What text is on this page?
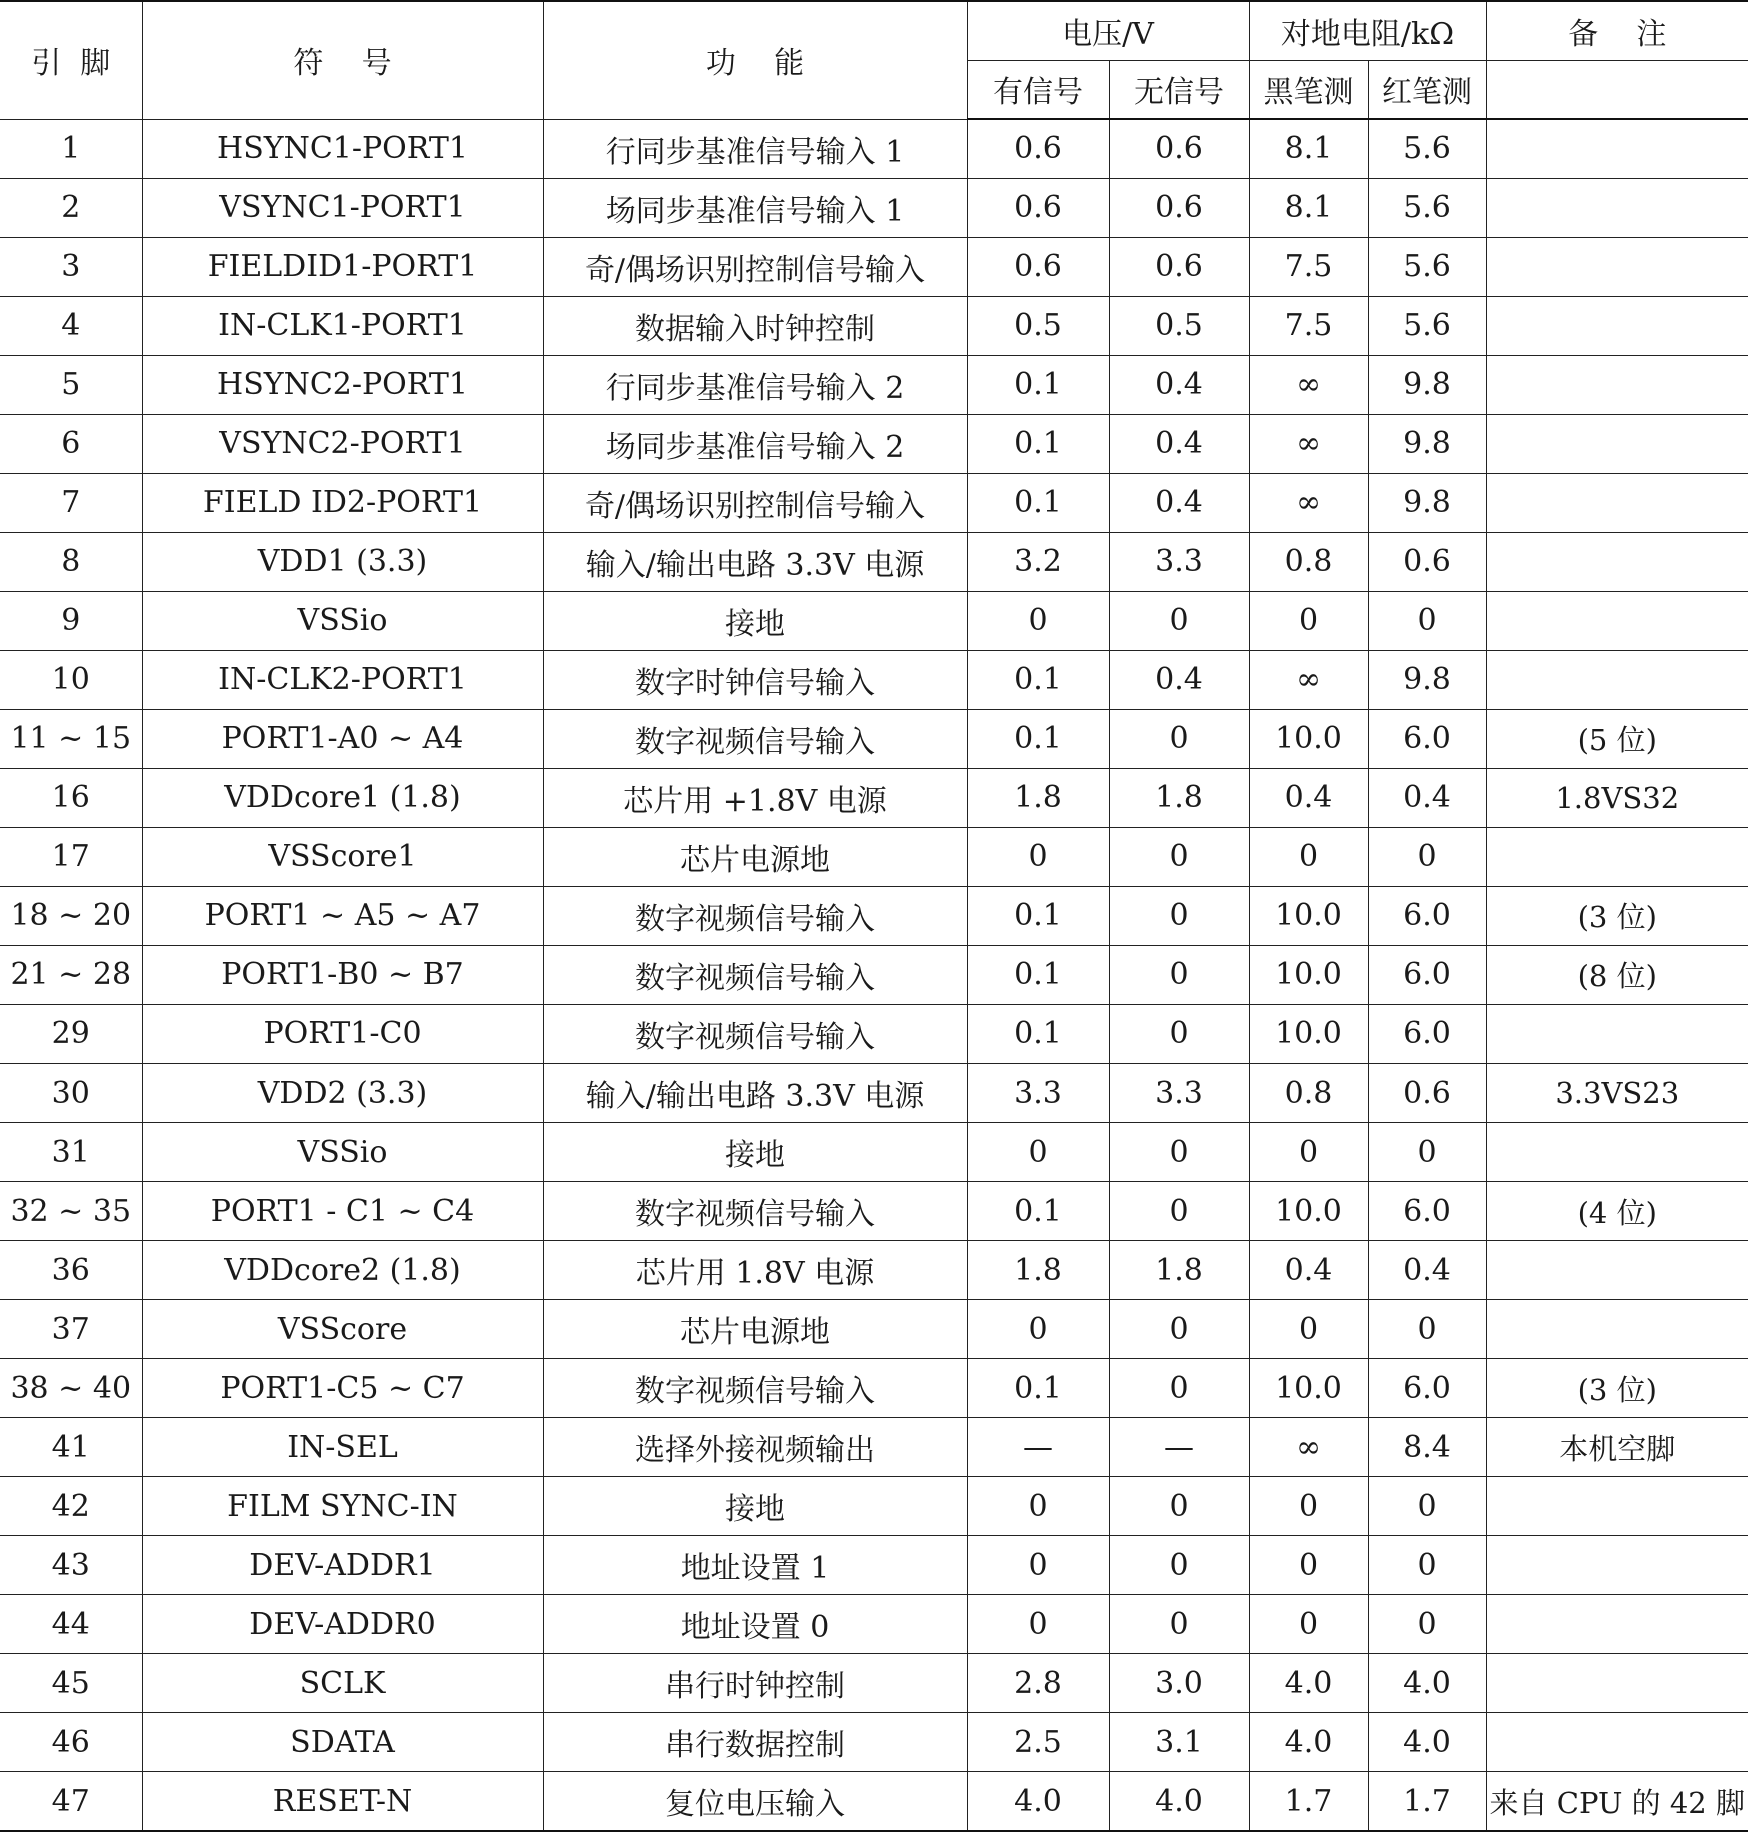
引  脚	符    号	功    能	电压/V		对地电阻/kΩ		备    注
			有信号	无信号	黑笔测	红笔测	
1	HSYNC1-PORT1	行同步基准信号输入 1	0.6	0.6	8.1	5.6	
2	VSYNC1-PORT1	场同步基准信号输入 1	0.6	0.6	8.1	5.6	
3	FIELDID1-PORT1	奇/偶场识别控制信号输入	0.6	0.6	7.5	5.6	
4	IN-CLK1-PORT1	数据输入时钟控制	0.5	0.5	7.5	5.6	
5	HSYNC2-PORT1	行同步基准信号输入 2	0.1	0.4	∞	9.8	
6	VSYNC2-PORT1	场同步基准信号输入 2	0.1	0.4	∞	9.8	
7	FIELD ID2-PORT1	奇/偶场识别控制信号输入	0.1	0.4	∞	9.8	
8	VDD1 (3.3)	输入/输出电路 3.3V 电源	3.2	3.3	0.8	0.6	
9	VSSio	接地	0	0	0	0	
10	IN-CLK2-PORT1	数字时钟信号输入	0.1	0.4	∞	9.8	
11 ~ 15	PORT1-A0 ~ A4	数字视频信号输入	0.1	0	10.0	6.0	(5 位)
16	VDDcore1 (1.8)	芯片用 +1.8V 电源	1.8	1.8	0.4	0.4	1.8VS32
17	VSScore1	芯片电源地	0	0	0	0	
18 ~ 20	PORT1 ~ A5 ~ A7	数字视频信号输入	0.1	0	10.0	6.0	(3 位)
21 ~ 28	PORT1-B0 ~ B7	数字视频信号输入	0.1	0	10.0	6.0	(8 位)
29	PORT1-C0	数字视频信号输入	0.1	0	10.0	6.0	
30	VDD2 (3.3)	输入/输出电路 3.3V 电源	3.3	3.3	0.8	0.6	3.3VS23
31	VSSio	接地	0	0	0	0	
32 ~ 35	PORT1 - C1 ~ C4	数字视频信号输入	0.1	0	10.0	6.0	(4 位)
36	VDDcore2 (1.8)	芯片用 1.8V 电源	1.8	1.8	0.4	0.4	
37	VSScore	芯片电源地	0	0	0	0	
38 ~ 40	PORT1-C5 ~ C7	数字视频信号输入	0.1	0	10.0	6.0	(3 位)
41	IN-SEL	选择外接视频输出	—	—	∞	8.4	本机空脚
42	FILM SYNC-IN	接地	0	0	0	0	
43	DEV-ADDR1	地址设置 1	0	0	0	0	
44	DEV-ADDR0	地址设置 0	0	0	0	0	
45	SCLK	串行时钟控制	2.8	3.0	4.0	4.0	
46	SDATA	串行数据控制	2.5	3.1	4.0	4.0	
47	RESET-N	复位电压输入	4.0	4.0	1.7	1.7	来自 CPU 的 42 脚
